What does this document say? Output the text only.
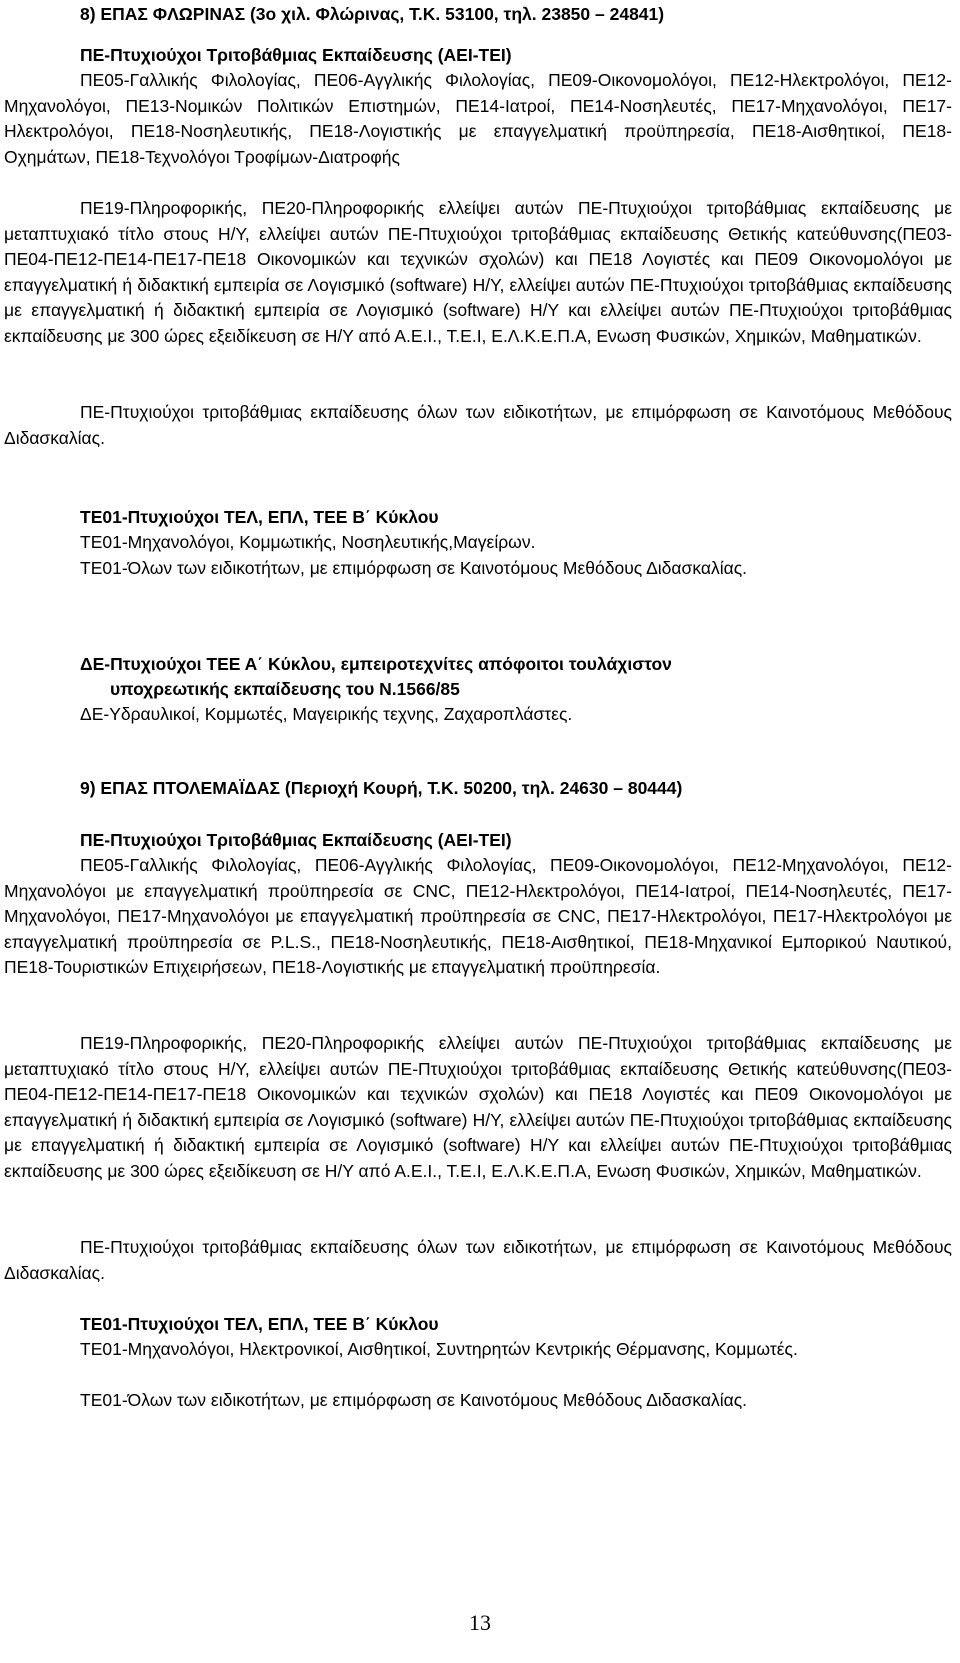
8) ΕΠΑΣ ΦΛΩΡΙΝΑΣ (3ο χιλ. Φλώρινας, Τ.Κ. 53100, τηλ. 23850 – 24841)

ΠΕ-Πτυχιούχοι Τριτοβάθμιας Εκπαίδευσης (ΑΕΙ-ΤΕΙ)

ΠΕ05-Γαλλικής Φιλολογίας, ΠΕ06-Αγγλικής Φιλολογίας, ΠΕ09-Οικονομολόγοι, ΠΕ12-Ηλεκτρολόγοι, ΠΕ12-Μηχανολόγοι, ΠΕ13-Νομικών Πολιτικών Επιστημών, ΠΕ14-Ιατροί, ΠΕ14-Νοσηλευτές, ΠΕ17-Μηχανολόγοι, ΠΕ17-Ηλεκτρολόγοι, ΠΕ18-Νοσηλευτικής, ΠΕ18-Λογιστικής με επαγγελματική προϋπηρεσία, ΠΕ18-Αισθητικοί, ΠΕ18-Οχημάτων, ΠΕ18-Τεχνολόγοι Τροφίμων-Διατροφής

ΠΕ19-Πληροφορικής, ΠΕ20-Πληροφορικής ελλείψει αυτών ΠΕ-Πτυχιούχοι τριτοβάθμιας εκπαίδευσης με μεταπτυχιακό τίτλο στους Η/Υ, ελλείψει αυτών ΠΕ-Πτυχιούχοι τριτοβάθμιας εκπαίδευσης Θετικής κατεύθυνσης(ΠΕ03-ΠΕ04-ΠΕ12-ΠΕ14-ΠΕ17-ΠΕ18 Οικονομικών και τεχνικών σχολών) και ΠΕ18 Λογιστές και ΠΕ09 Οικονομολόγοι με επαγγελματική ή διδακτική εμπειρία σε Λογισμικό (software) Η/Υ, ελλείψει αυτών ΠΕ-Πτυχιούχοι τριτοβάθμιας εκπαίδευσης με επαγγελματική ή διδακτική εμπειρία σε Λογισμικό (software) Η/Υ και ελλείψει αυτών ΠΕ-Πτυχιούχοι τριτοβάθμιας εκπαίδευσης με 300 ώρες εξειδίκευση σε Η/Υ από Α.Ε.Ι., Τ.Ε.Ι, Ε.Λ.Κ.Ε.Π.Α, Ενωση Φυσικών, Χημικών, Μαθηματικών.

ΠΕ-Πτυχιούχοι τριτοβάθμιας εκπαίδευσης όλων των ειδικοτήτων, με επιμόρφωση σε Καινοτόμους Μεθόδους Διδασκαλίας.

ΤΕ01-Πτυχιούχοι ΤΕΛ, ΕΠΛ, ΤΕΕ Β΄ Κύκλου

ΤΕ01-Μηχανολόγοι, Κομμωτικής, Νοσηλευτικής,Μαγείρων.

ΤΕ01-Όλων των ειδικοτήτων, με επιμόρφωση σε Καινοτόμους Μεθόδους Διδασκαλίας.

ΔΕ-Πτυχιούχοι ΤΕΕ Α΄ Κύκλου, εμπειροτεχνίτες απόφοιτοι τουλάχιστον

υποχρεωτικής εκπαίδευσης του Ν.1566/85

ΔΕ-Υδραυλικοί, Κομμωτές, Μαγειρικής τεχνης, Ζαχαροπλάστες.

9) ΕΠΑΣ ΠΤΟΛΕΜΑΪΔΑΣ (Περιοχή Κουρή, Τ.Κ. 50200, τηλ. 24630 – 80444)

ΠΕ-Πτυχιούχοι Τριτοβάθμιας Εκπαίδευσης (ΑΕΙ-ΤΕΙ)

ΠΕ05-Γαλλικής Φιλολογίας, ΠΕ06-Αγγλικής Φιλολογίας, ΠΕ09-Οικονομολόγοι, ΠΕ12-Μηχανολόγοι, ΠΕ12-Μηχανολόγοι με επαγγελματική προϋπηρεσία σε CNC, ΠΕ12-Ηλεκτρολόγοι, ΠΕ14-Ιατροί, ΠΕ14-Νοσηλευτές, ΠΕ17-Μηχανολόγοι, ΠΕ17-Μηχανολόγοι με επαγγελματική προϋπηρεσία σε CNC, ΠΕ17-Ηλεκτρολόγοι, ΠΕ17-Ηλεκτρολόγοι με επαγγελματική προϋπηρεσία σε P.L.S., ΠΕ18-Νοσηλευτικής, ΠΕ18-Αισθητικοί, ΠΕ18-Μηχανικοί Εμπορικού Ναυτικού, ΠΕ18-Τουριστικών Επιχειρήσεων, ΠΕ18-Λογιστικής με επαγγελματική προϋπηρεσία.

ΠΕ19-Πληροφορικής, ΠΕ20-Πληροφορικής ελλείψει αυτών ΠΕ-Πτυχιούχοι τριτοβάθμιας εκπαίδευσης με μεταπτυχιακό τίτλο στους Η/Υ, ελλείψει αυτών ΠΕ-Πτυχιούχοι τριτοβάθμιας εκπαίδευσης Θετικής κατεύθυνσης(ΠΕ03-ΠΕ04-ΠΕ12-ΠΕ14-ΠΕ17-ΠΕ18 Οικονομικών και τεχνικών σχολών) και ΠΕ18 Λογιστές και ΠΕ09 Οικονομολόγοι με επαγγελματική ή διδακτική εμπειρία σε Λογισμικό (software) Η/Υ, ελλείψει αυτών ΠΕ-Πτυχιούχοι τριτοβάθμιας εκπαίδευσης με επαγγελματική ή διδακτική εμπειρία σε Λογισμικό (software) Η/Υ και ελλείψει αυτών ΠΕ-Πτυχιούχοι τριτοβάθμιας εκπαίδευσης με 300 ώρες εξειδίκευση σε Η/Υ από Α.Ε.Ι., Τ.Ε.Ι, Ε.Λ.Κ.Ε.Π.Α, Ενωση Φυσικών, Χημικών, Μαθηματικών.

ΠΕ-Πτυχιούχοι τριτοβάθμιας εκπαίδευσης όλων των ειδικοτήτων, με επιμόρφωση σε Καινοτόμους Μεθόδους Διδασκαλίας.

ΤΕ01-Πτυχιούχοι ΤΕΛ, ΕΠΛ, ΤΕΕ Β΄ Κύκλου

ΤΕ01-Μηχανολόγοι, Ηλεκτρονικοί, Αισθητικοί, Συντηρητών Κεντρικής Θέρμανσης, Κομμωτές.

ΤΕ01-Όλων των ειδικοτήτων, με επιμόρφωση σε Καινοτόμους Μεθόδους Διδασκαλίας.

13
